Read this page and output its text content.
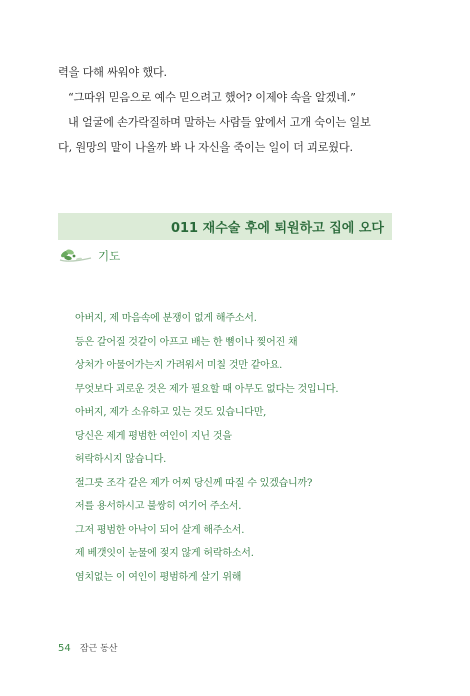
력을 다해 싸워야 했다.

“그따위 믿음으로 예수 믿으려고 했어? 이제야 속을 알겠네.”

내 얼굴에 손가락질하며 말하는 사람들 앞에서 고개 숙이는 일보

다, 원망의 말이 나올까 봐 나 자신을 죽이는 일이 더 괴로웠다.

011 재수술 후에 퇴원하고 집에 오다
기도
아버지, 제 마음속에 분쟁이 없게 해주소서.
등은 갈어질 것같이 아프고 배는 한 뼘이나 찢어진 채
상처가 아물어가는지 가려워서 미칠 것만 같아요.
무엇보다 괴로운 것은 제가 필요할 때 아무도 없다는 것입니다.
아버지, 제가 소유하고 있는 것도 있습니다만,
당신은 제게 평범한 여인이 지닌 것을
허락하시지 않습니다.
절그릇 조각 같은 제가 어찌 당신께 따질 수 있겠습니까?
저를 용서하시고 불쌍히 여기어 주소서.
그저 평범한 아낙이 되어 살게 해주소서.
제 베갯잇이 눈물에 젖지 않게 허락하소서.
염치없는 이 여인이 평범하게 살기 위해
54 잠근 동산
